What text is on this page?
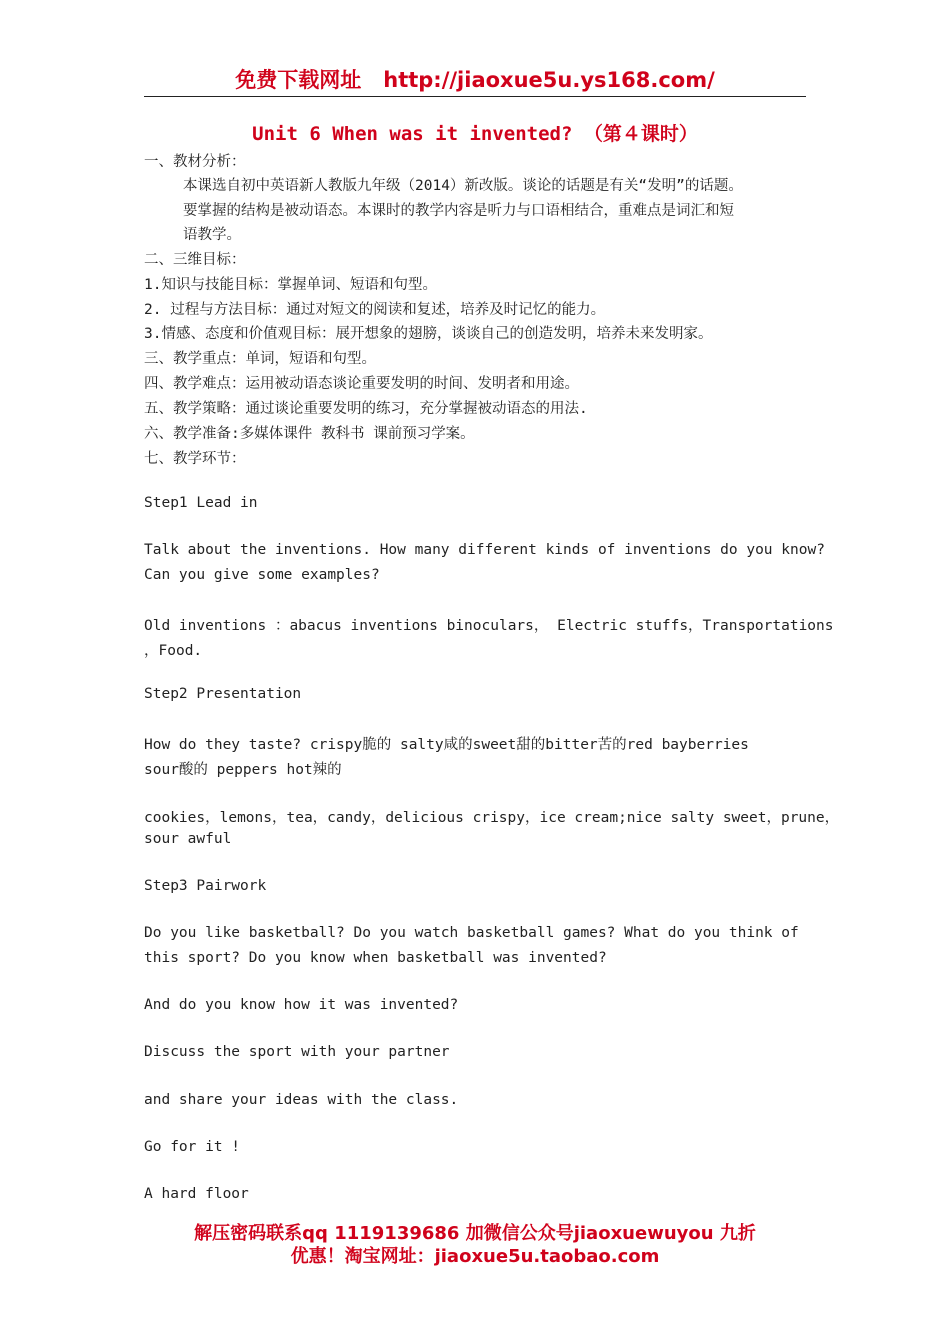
免费下载网址 http://jiaoxue5u.ys168.com/
Unit 6 When was it invented? （第４课时）
一、教材分析：
本课选自初中英语新人教版九年级（2014）新改版。谈论的话题是有关“发明”的话题。
要掌握的结构是被动语态。本课时的教学内容是听力与口语相结合，重难点是词汇和短
语教学。
二、三维目标：
1.知识与技能目标：掌握单词、短语和句型。
2. 过程与方法目标：通过对短文的阅读和复述，培养及时记忆的能力。
3.情感、态度和价值观目标：展开想象的翅膀，谈谈自己的创造发明，培养未来发明家。
三、教学重点：单词，短语和句型。
四、教学难点：运用被动语态谈论重要发明的时间、发明者和用途。
五、教学策略：通过谈论重要发明的练习，充分掌握被动语态的用法.
六、教学准备:多媒体课件 教科书 课前预习学案。
七、教学环节：
Step1 Lead in
Talk about the inventions. How many different kinds of inventions do you know?
Can you give some examples?
Old inventions ：abacus inventions binoculars， Electric stuffs，Transportations
，Food.
Step2 Presentation
How do they taste? crispy脆的 salty咸的sweet甜的bitter苦的red bayberries
sour酸的 peppers hot辣的
cookies，lemons，tea，candy，delicious crispy，ice cream;nice salty sweet，prune，
sour awful
Step3 Pairwork
Do you like basketball? Do you watch basketball games? What do you think of
this sport? Do you know when basketball was invented?
And do you know how it was invented?
Discuss the sport with your partner
and share your ideas with the class.
Go for it !
A hard floor
解压密码联系qq 1119139686 加微信公众号jiaoxuewuyou 九折
优惠！淘宝网址：jiaoxue5u.taobao.com
